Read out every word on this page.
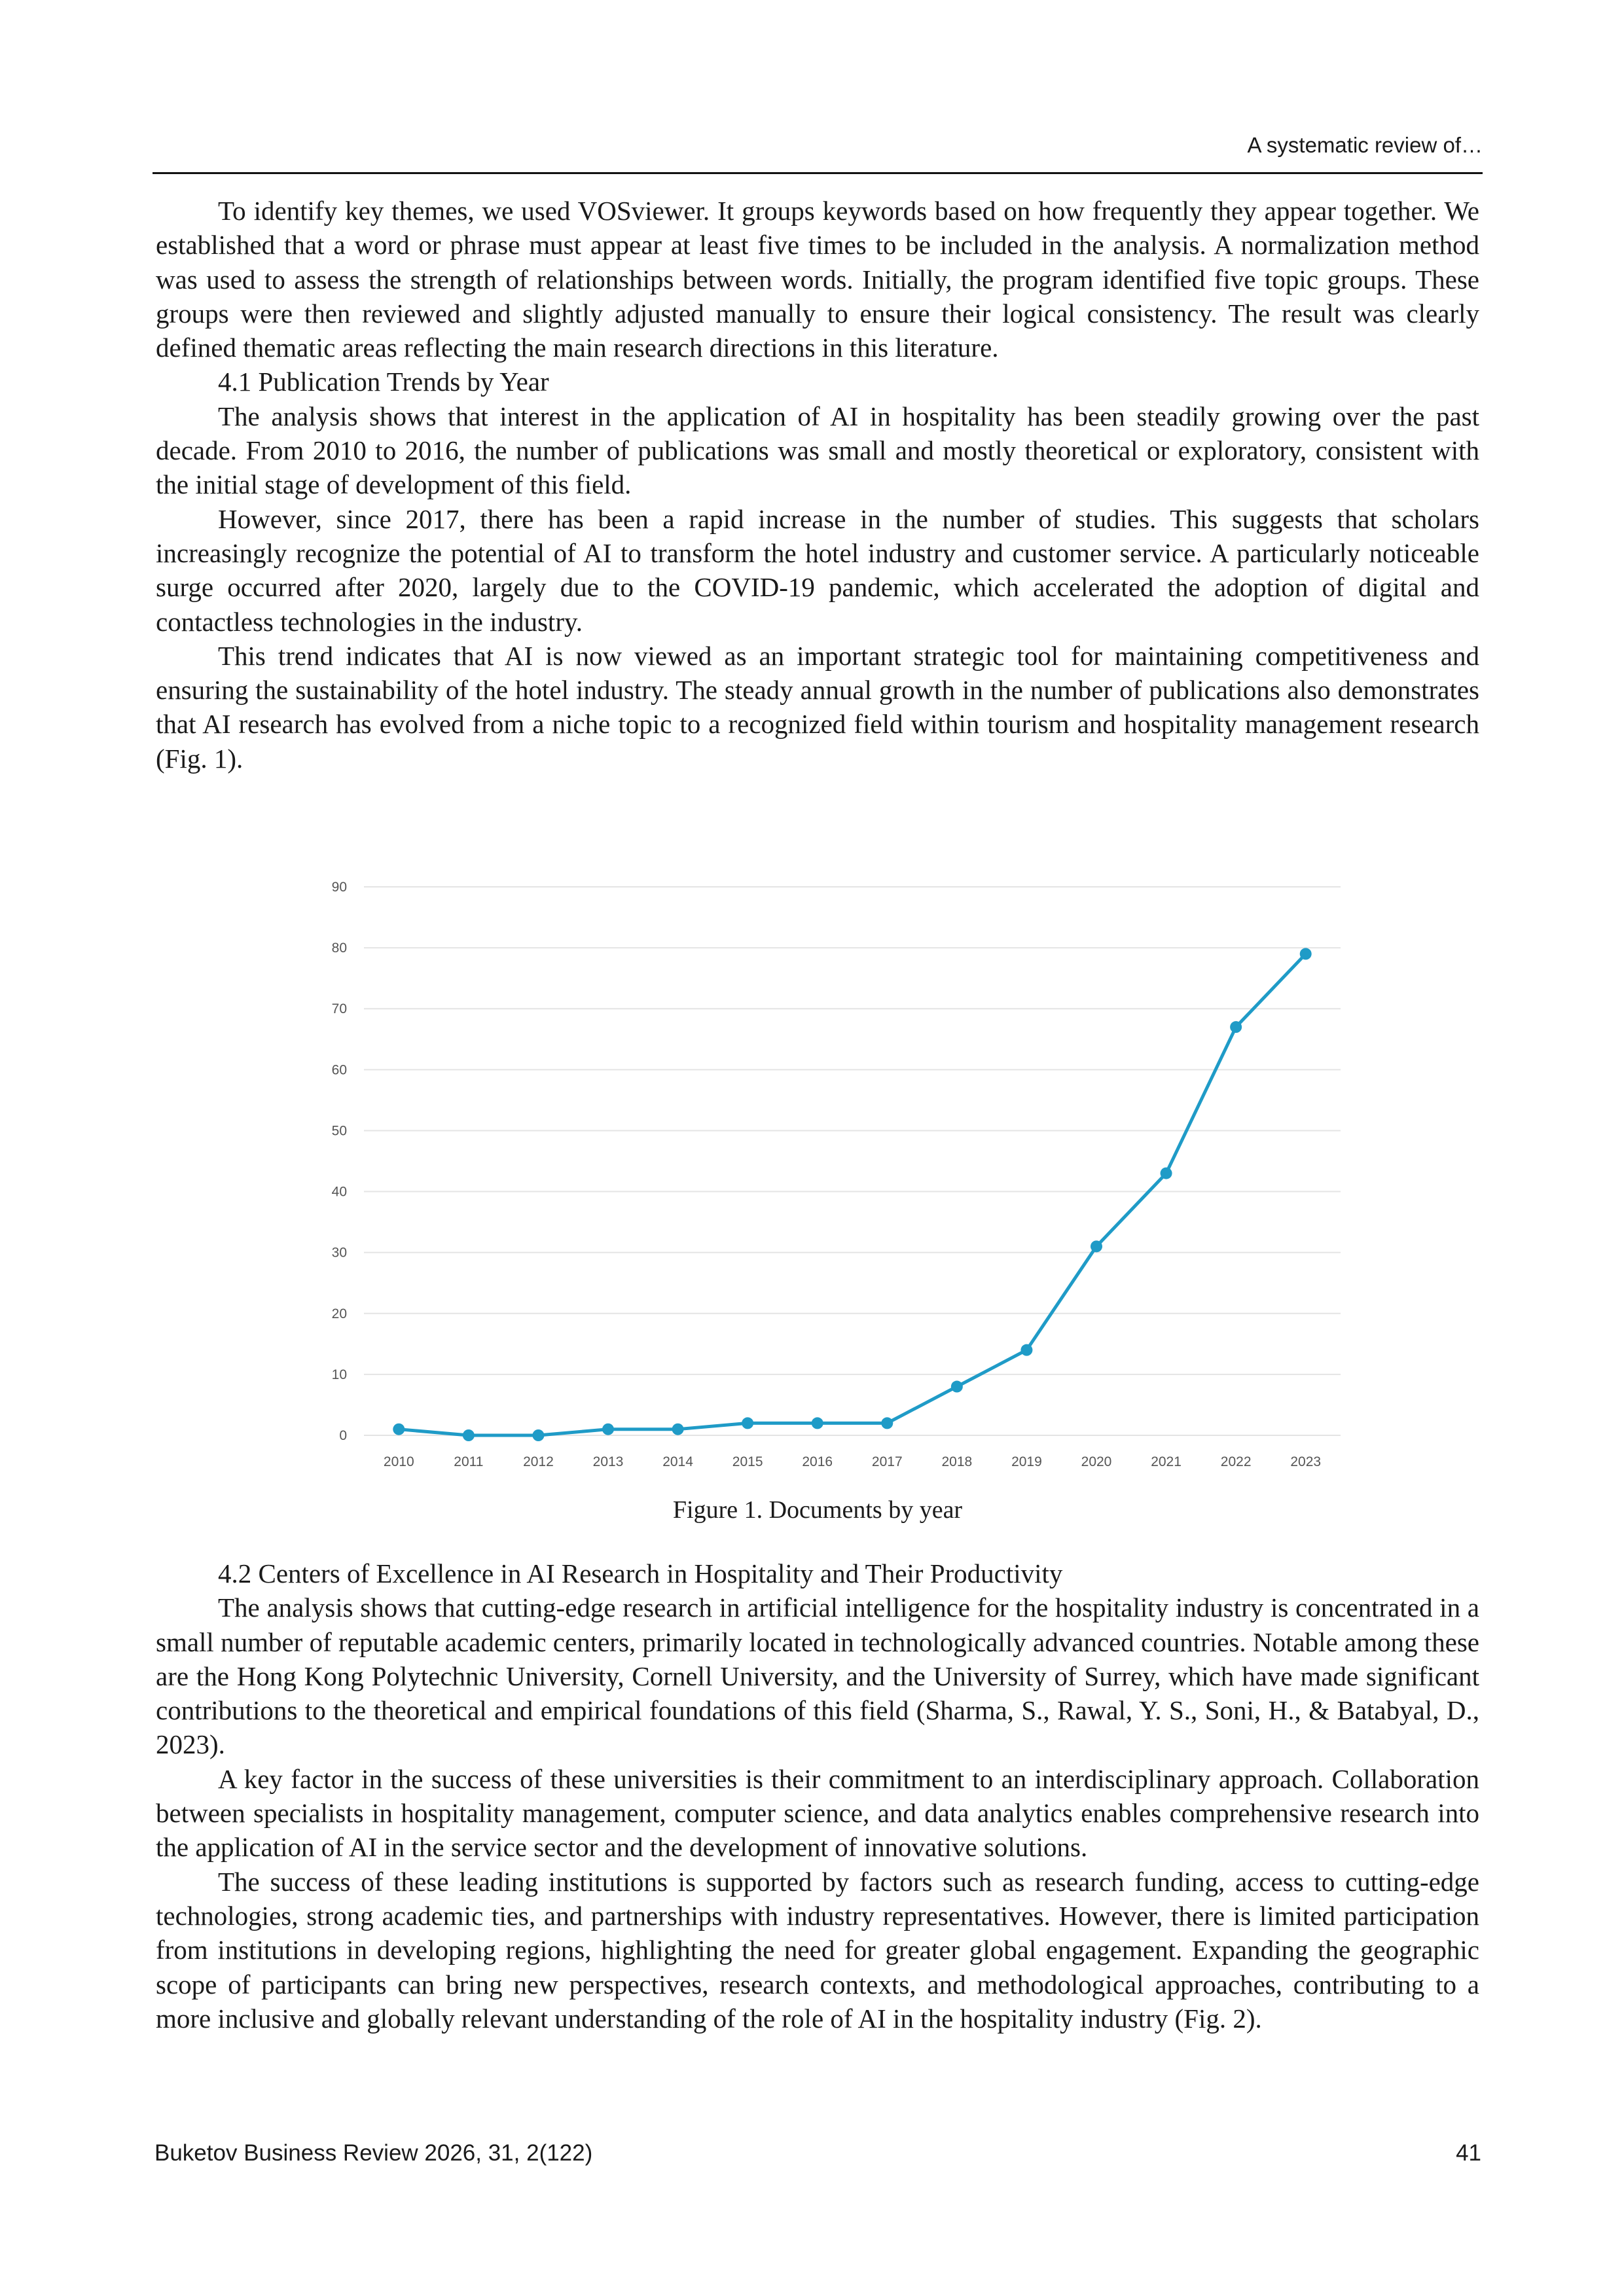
A systematic review of…

To identify key themes, we used VOSviewer. It groups keywords based on how frequently they appear together. We established that a word or phrase must appear at least five times to be included in the analysis. A normalization method was used to assess the strength of relationships between words. Initially, the program identified five topic groups. These groups were then reviewed and slightly adjusted manually to ensure their logical consistency. The result was clearly defined thematic areas reflecting the main research directions in this literature.

4.1 Publication Trends by Year

The analysis shows that interest in the application of AI in hospitality has been steadily growing over the past decade. From 2010 to 2016, the number of publications was small and mostly theoretical or exploratory, consistent with the initial stage of development of this field.

However, since 2017, there has been a rapid increase in the number of studies. This suggests that scholars increasingly recognize the potential of AI to transform the hotel industry and customer service. A particularly noticeable surge occurred after 2020, largely due to the COVID-19 pandemic, which accelerated the adoption of digital and contactless technologies in the industry.

This trend indicates that AI is now viewed as an important strategic tool for maintaining competitiveness and ensuring the sustainability of the hotel industry. The steady annual growth in the number of publications also demonstrates that AI research has evolved from a niche topic to a recognized field within tourism and hospitality management research (Fig. 1).

0
10
20
30
40
50
60
70
80
90
2010	2011	2012	2013	2014	2015	2016	2017	2018	2019	2020	2021	2022	2023
Figure 1. Documents by year

4.2 Centers of Excellence in AI Research in Hospitality and Their Productivity

The analysis shows that cutting-edge research in artificial intelligence for the hospitality industry is concentrated in a small number of reputable academic centers, primarily located in technologically advanced countries. Notable among these are the Hong Kong Polytechnic University, Cornell University, and the University of Surrey, which have made significant contributions to the theoretical and empirical foundations of this field (Sharma, S., Rawal, Y. S., Soni, H., & Batabyal, D., 2023).

A key factor in the success of these universities is their commitment to an interdisciplinary approach. Collaboration between specialists in hospitality management, computer science, and data analytics enables comprehensive research into the application of AI in the service sector and the development of innovative solutions.

The success of these leading institutions is supported by factors such as research funding, access to cutting-edge technologies, strong academic ties, and partnerships with industry representatives. However, there is limited participation from institutions in developing regions, highlighting the need for greater global engagement. Expanding the geographic scope of participants can bring new perspectives, research contexts, and methodological approaches, contributing to a more inclusive and globally relevant understanding of the role of AI in the hospitality industry (Fig. 2).

Buketov Business Review 2026, 31, 2(122)	41
